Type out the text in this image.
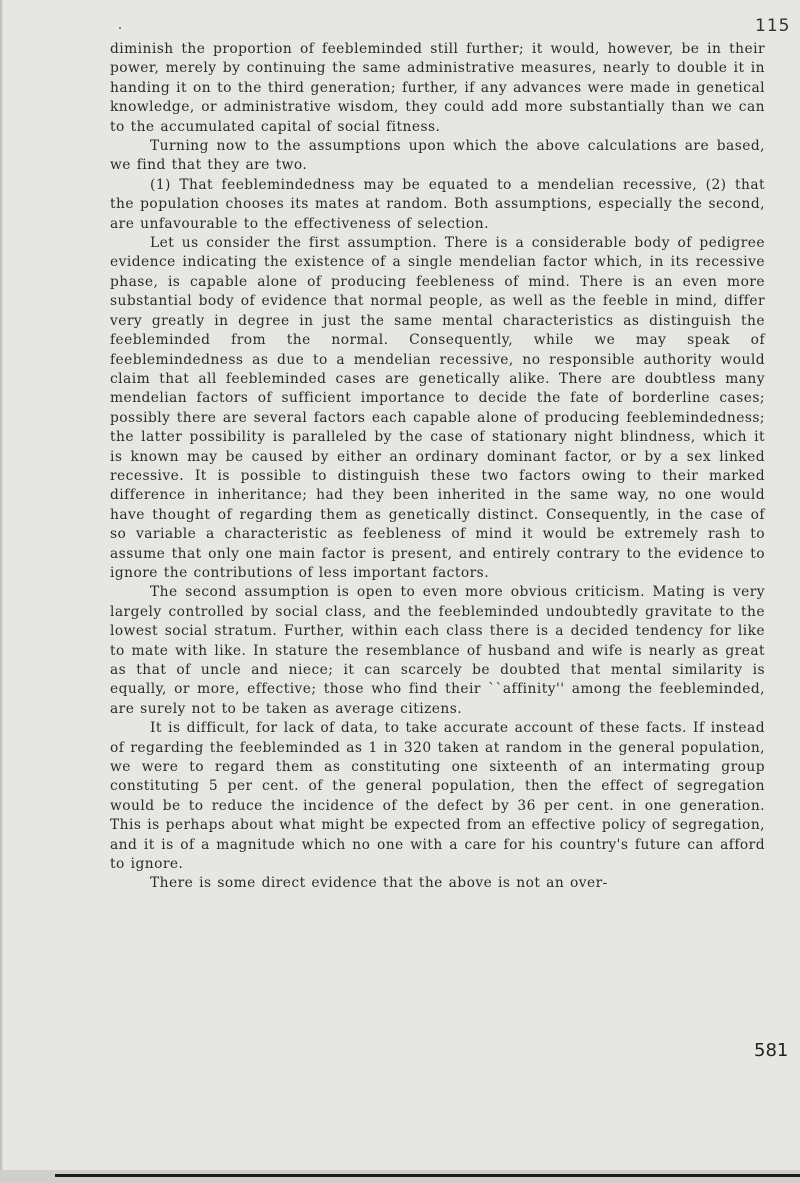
115

diminish the proportion of feebleminded still further; it would, however, be in their power, merely by continuing the same administrative measures, nearly to double it in handing it on to the third generation; further, if any advances were made in genetical knowledge, or administrative wisdom, they could add more substantially than we can to the accumulated capital of social fitness.

Turning now to the assumptions upon which the above calculations are based, we find that they are two.

(1) That feeblemindedness may be equated to a mendelian recessive, (2) that the population chooses its mates at random. Both assumptions, especially the second, are unfavourable to the effectiveness of selection.

Let us consider the first assumption. There is a considerable body of pedigree evidence indicating the existence of a single mendelian factor which, in its recessive phase, is capable alone of producing feebleness of mind. There is an even more substantial body of evidence that normal people, as well as the feeble in mind, differ very greatly in degree in just the same mental characteristics as distinguish the feebleminded from the normal. Consequently, while we may speak of feeblemindedness as due to a mendelian recessive, no responsible authority would claim that all feebleminded cases are genetically alike. There are doubtless many mendelian factors of sufficient importance to decide the fate of borderline cases; possibly there are several factors each capable alone of producing feeblemindedness; the latter possibility is paralleled by the case of stationary night blindness, which it is known may be caused by either an ordinary dominant factor, or by a sex linked recessive. It is possible to distinguish these two factors owing to their marked difference in inheritance; had they been inherited in the same way, no one would have thought of regarding them as genetically distinct. Consequently, in the case of so variable a characteristic as feebleness of mind it would be extremely rash to assume that only one main factor is present, and entirely contrary to the evidence to ignore the contributions of less important factors.

The second assumption is open to even more obvious criticism. Mating is very largely controlled by social class, and the feebleminded undoubtedly gravitate to the lowest social stratum. Further, within each class there is a decided tendency for like to mate with like. In stature the resemblance of husband and wife is nearly as great as that of uncle and niece; it can scarcely be doubted that mental similarity is equally, or more, effective; those who find their ``affinity'' among the feebleminded, are surely not to be taken as average citizens.

It is difficult, for lack of data, to take accurate account of these facts. If instead of regarding the feebleminded as 1 in 320 taken at random in the general population, we were to regard them as constituting one sixteenth of an intermating group constituting 5 per cent. of the general population, then the effect of segregation would be to reduce the incidence of the defect by 36 per cent. in one generation. This is perhaps about what might be expected from an effective policy of segregation, and it is of a magnitude which no one with a care for his country's future can afford to ignore.

There is some direct evidence that the above is not an over-

581
